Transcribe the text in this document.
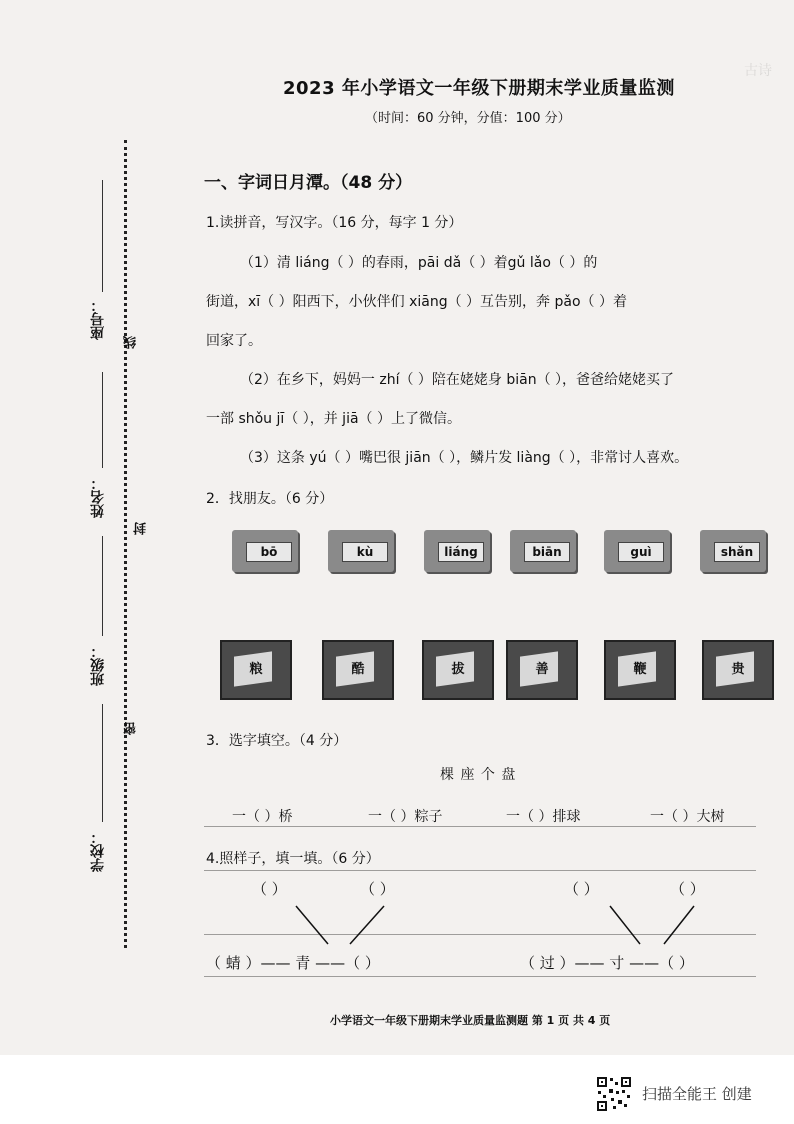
古诗
2023 年小学语文一年级下册期末学业质量监测
（时间：60 分钟，分值：100 分）
座号：
姓名：
班级：
学校：
线
封
密
一、字词日月潭。（48 分）
1.读拼音，写汉字。（16 分，每字 1 分）
（1）清 liáng（ ）的春雨，pāi dǎ（ ）着gǔ lǎo（ ）的
街道，xī（ ）阳西下，小伙伴们 xiāng（ ）互告别，奔 pǎo（ ）着
回家了。
（2）在乡下，妈妈一 zhí（ ）陪在姥姥身 biān（ ），爸爸给姥姥买了
一部 shǒu jī（ ），并 jiā（ ）上了微信。
（3）这条 yú（ ）嘴巴很 jiān（ ），鳞片发 liàng（ ），非常讨人喜欢。
2．找朋友。（6 分）
bō	kù	liáng	biān	guì	shǎn
粮	酷	拔	善	鞭	贵
3．选字填空。（4 分）
棵 座 个 盘
一（ ）桥	一（ ）粽子	一（ ）排球	一（ ）大树
4.照样子，填一填。（6 分）
（ ）	（ ）	（ ）	（ ）
（ 蜻 ）—— 青 ——（ ）	（ 过 ）—— 寸 ——（ ）
小学语文一年级下册期末学业质量监测题 第 1 页 共 4 页
扫描全能王 创建
